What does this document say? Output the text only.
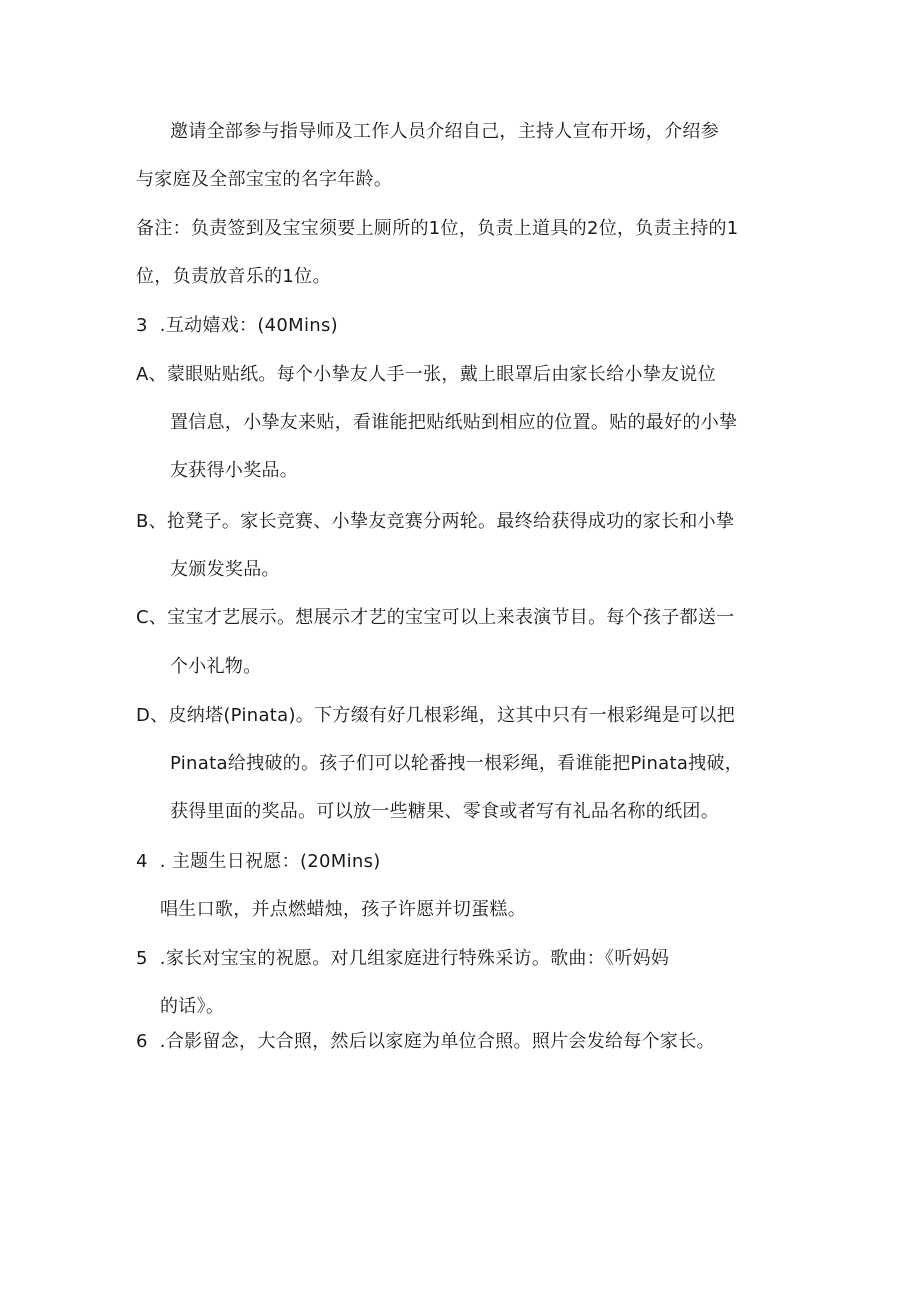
邀请全部参与指导师及工作人员介绍自己，主持人宣布开场，介绍参
与家庭及全部宝宝的名字年龄。
备注：负责签到及宝宝须要上厕所的1位，负责上道具的2位，负责主持的1
位，负责放音乐的1位。
3  .互动嬉戏：(40Mins)
A、蒙眼贴贴纸。每个小挚友人手一张，戴上眼罩后由家长给小挚友说位
置信息，小挚友来贴，看谁能把贴纸贴到相应的位置。贴的最好的小挚
友获得小奖品。
B、抢凳子。家长竞赛、小挚友竞赛分两轮。最终给获得成功的家长和小挚
友颁发奖品。
C、宝宝才艺展示。想展示才艺的宝宝可以上来表演节目。每个孩子都送一
个小礼物。
D、皮纳塔(Pinata)。下方缀有好几根彩绳，这其中只有一根彩绳是可以把
Pinata给拽破的。孩子们可以轮番拽一根彩绳，看谁能把Pinata拽破，
获得里面的奖品。可以放一些糖果、零食或者写有礼品名称的纸团。
4  . 主题生日祝愿：(20Mins)
唱生口歌，并点燃蜡烛，孩子许愿并切蛋糕。
5  .家长对宝宝的祝愿。对几组家庭进行特殊采访。歌曲：《听妈妈
的话》。
6  .合影留念，大合照，然后以家庭为单位合照。照片会发给每个家长。
